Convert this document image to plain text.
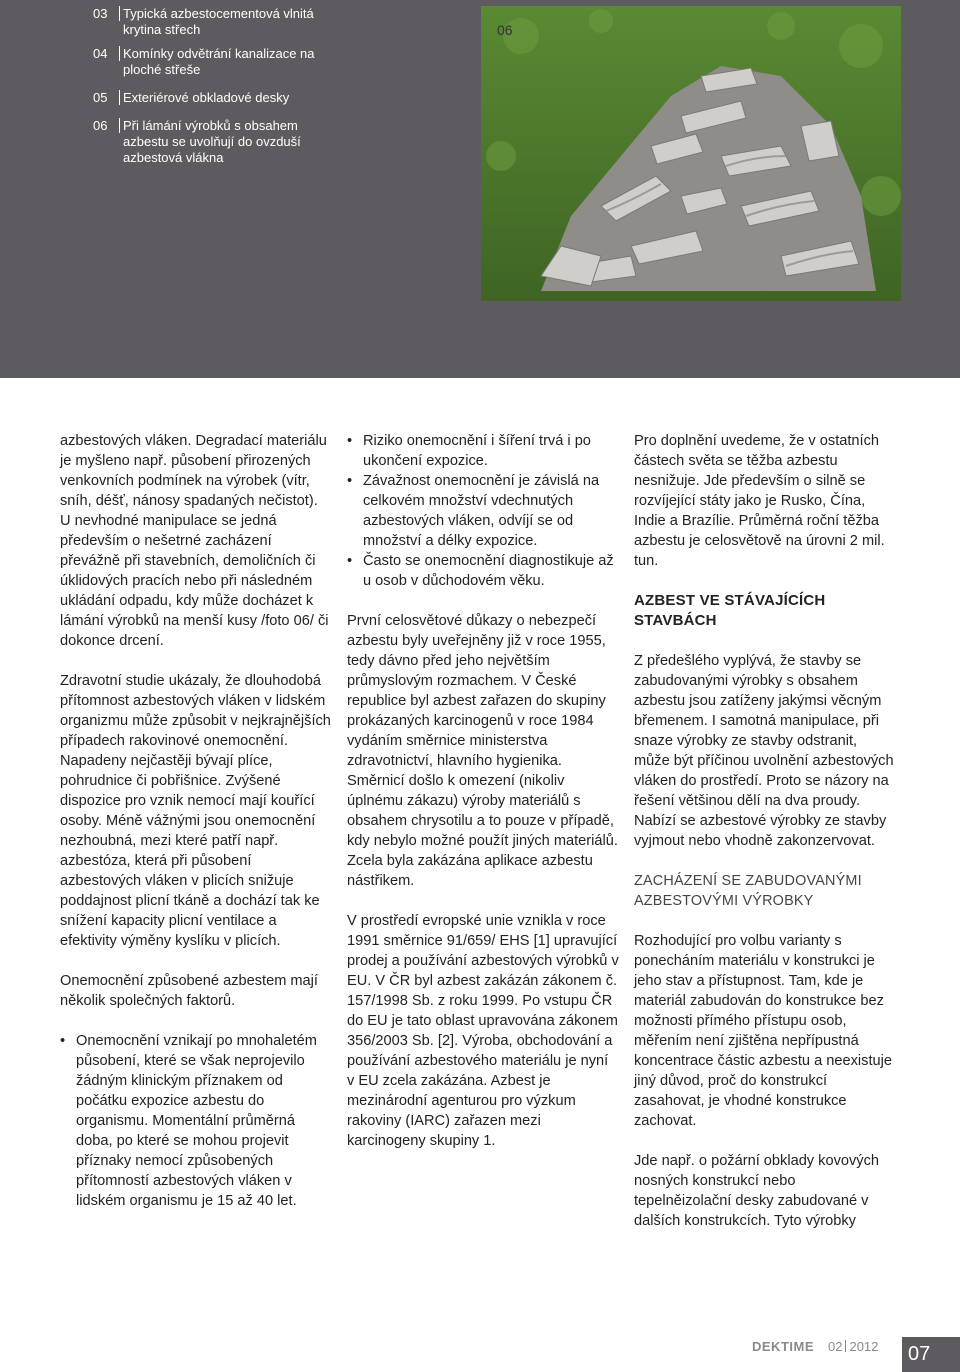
03	Typická azbestocementová vlnitá krytina střech
04	Komínky odvětrání kanalizace na ploché střeše
05	Exteriérové obkladové desky
06	Při lámání výrobků s obsahem azbestu se uvolňují do ovzduší azbestová vlákna
06

azbestových vláken. Degradací materiálu je myšleno např. působení přirozených venkovních podmínek na výrobek (vítr, sníh, déšť, nánosy spadaných nečistot). U nevhodné manipulace se jedná především o nešetrné zacházení převážně při stavebních, demoličních či úklidových pracích nebo při následném ukládání odpadu, kdy může docházet k lámání výrobků na menší kusy /foto 06/ či dokonce drcení.

Zdravotní studie ukázaly, že dlouhodobá přítomnost azbestových vláken v lidském organizmu může způsobit v nejkrajnějších případech rakovinové onemocnění. Napadeny nejčastěji bývají plíce, pohrudnice či pobřišnice. Zvýšené dispozice pro vznik nemocí mají kouřící osoby. Méně vážnými jsou onemocnění nezhoubná, mezi které patří např. azbestóza, která při působení azbestových vláken v plicích snižuje poddajnost plicní tkáně a dochází tak ke snížení kapacity plicní ventilace a efektivity výměny kyslíku v plicích.

Onemocnění způsobené azbestem mají několik společných faktorů.

• Onemocnění vznikají po mnohaletém působení, které se však neprojevilo žádným klinickým příznakem od počátku expozice azbestu do organismu. Momentální průměrná doba, po které se mohou projevit příznaky nemocí způsobených přítomností azbestových vláken v lidském organismu je 15 až 40 let.
• Riziko onemocnění i šíření trvá i po ukončení expozice.
• Závažnost onemocnění je závislá na celkovém množství vdechnutých azbestových vláken, odvíjí se od množství a délky expozice.
• Často se onemocnění diagnostikuje až u osob v důchodovém věku.

První celosvětové důkazy o nebezpečí azbestu byly uveřejněny již v roce 1955, tedy dávno před jeho největším průmyslovým rozmachem. V České republice byl azbest zařazen do skupiny prokázaných karcinogenů v roce 1984 vydáním směrnice ministerstva zdravotnictví, hlavního hygienika. Směrnicí došlo k omezení (nikoliv úplnému zákazu) výroby materiálů s obsahem chrysotilu a to pouze v případě, kdy nebylo možné použít jiných materiálů. Zcela byla zakázána aplikace azbestu nástřikem.

V prostředí evropské unie vznikla v roce 1991 směrnice 91/659/ EHS [1] upravující prodej a používání azbestových výrobků v EU. V ČR byl azbest zakázán zákonem č. 157/1998 Sb. z roku 1999. Po vstupu ČR do EU je tato oblast upravována zákonem 356/2003 Sb. [2]. Výroba, obchodování a používání azbestového materiálu je nyní v EU zcela zakázána. Azbest je mezinárodní agenturou pro výzkum rakoviny (IARC) zařazen mezi karcinogeny skupiny 1.

Pro doplnění uvedeme, že v ostatních částech světa se těžba azbestu nesnižuje. Jde především o silně se rozvíjející státy jako je Rusko, Čína, Indie a Brazílie. Průměrná roční těžba azbestu je celosvětově na úrovni 2 mil. tun.

AZBEST VE STÁVAJÍCÍCH STAVBÁCH

Z předešlého vyplývá, že stavby se zabudovanými výrobky s obsahem azbestu jsou zatíženy jakýmsi věcným břemenem. I samotná manipulace, při snaze výrobky ze stavby odstranit, může být příčinou uvolnění azbestových vláken do prostředí. Proto se názory na řešení většinou dělí na dva proudy. Nabízí se azbestové výrobky ze stavby vyjmout nebo vhodně zakonzervovat.

ZACHÁZENÍ SE ZABUDOVANÝMI AZBESTOVÝMI VÝROBKY

Rozhodující pro volbu varianty s ponecháním materiálu v konstrukci je jeho stav a přístupnost. Tam, kde je materiál zabudován do konstrukce bez možnosti přímého přístupu osob, měřením není zjištěna nepřípustná koncentrace částic azbestu a neexistuje jiný důvod, proč do konstrukcí zasahovat, je vhodné konstrukce zachovat.

Jde např. o požární obklady kovových nosných konstrukcí nebo tepelněizolační desky zabudované v dalších konstrukcích. Tyto výrobky

DEKTIME 02 2012	07
